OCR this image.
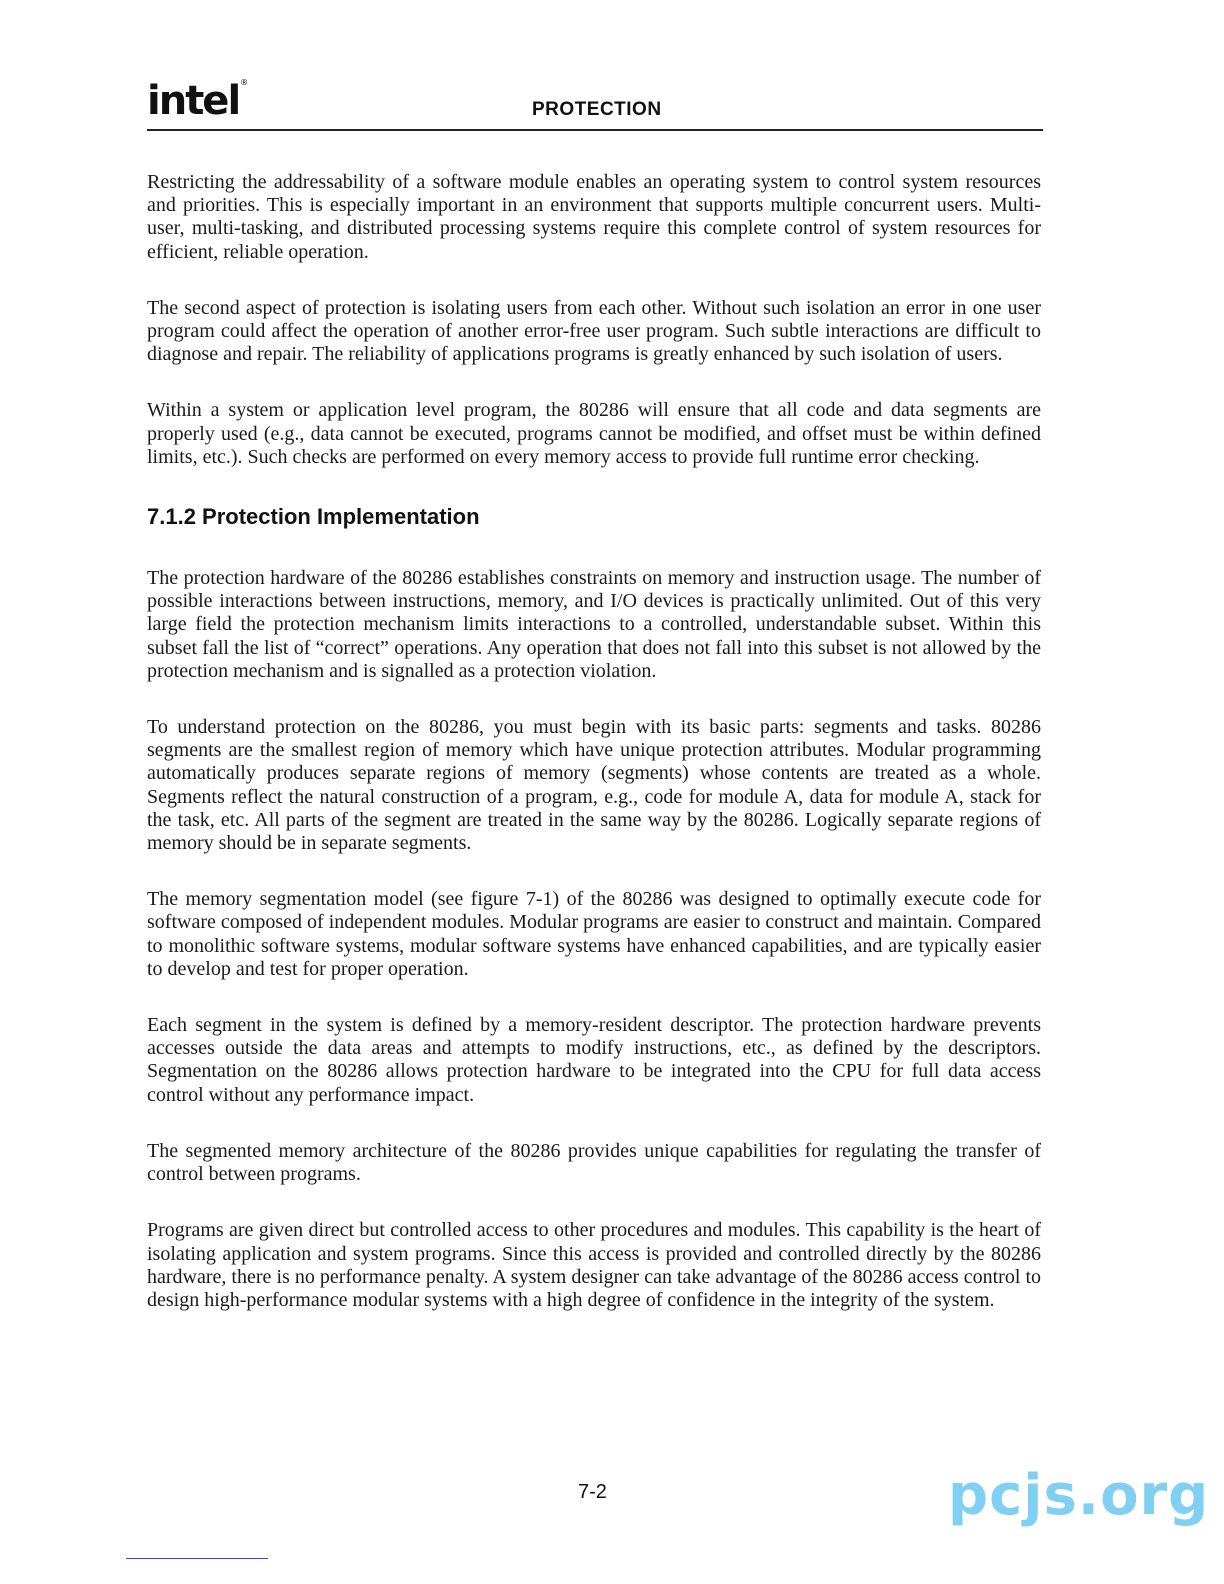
intel®
PROTECTION

Restricting the addressability of a software module enables an operating system to control system resources and priorities. This is especially important in an environment that supports multiple concurrent users. Multi-user, multi-tasking, and distributed processing systems require this complete control of system resources for efficient, reliable operation.

The second aspect of protection is isolating users from each other. Without such isolation an error in one user program could affect the operation of another error-free user program. Such subtle interactions are difficult to diagnose and repair. The reliability of applications programs is greatly enhanced by such isolation of users.

Within a system or application level program, the 80286 will ensure that all code and data segments are properly used (e.g., data cannot be executed, programs cannot be modified, and offset must be within defined limits, etc.). Such checks are performed on every memory access to provide full runtime error checking.

7.1.2 Protection Implementation

The protection hardware of the 80286 establishes constraints on memory and instruction usage. The number of possible interactions between instructions, memory, and I/O devices is practically unlimited. Out of this very large field the protection mechanism limits interactions to a controlled, understandable subset. Within this subset fall the list of “correct” operations. Any operation that does not fall into this subset is not allowed by the protection mechanism and is signalled as a protection violation.

To understand protection on the 80286, you must begin with its basic parts: segments and tasks. 80286 segments are the smallest region of memory which have unique protection attributes. Modular programming automatically produces separate regions of memory (segments) whose contents are treated as a whole. Segments reflect the natural construction of a program, e.g., code for module A, data for module A, stack for the task, etc. All parts of the segment are treated in the same way by the 80286. Logically separate regions of memory should be in separate segments.

The memory segmentation model (see figure 7-1) of the 80286 was designed to optimally execute code for software composed of independent modules. Modular programs are easier to construct and maintain. Compared to monolithic software systems, modular software systems have enhanced capabilities, and are typically easier to develop and test for proper operation.

Each segment in the system is defined by a memory-resident descriptor. The protection hardware prevents accesses outside the data areas and attempts to modify instructions, etc., as defined by the descriptors. Segmentation on the 80286 allows protection hardware to be integrated into the CPU for full data access control without any performance impact.

The segmented memory architecture of the 80286 provides unique capabilities for regulating the transfer of control between programs.

Programs are given direct but controlled access to other procedures and modules. This capability is the heart of isolating application and system programs. Since this access is provided and controlled directly by the 80286 hardware, there is no performance penalty. A system designer can take advantage of the 80286 access control to design high-performance modular systems with a high degree of confidence in the integrity of the system.

7-2	pcjs.org
